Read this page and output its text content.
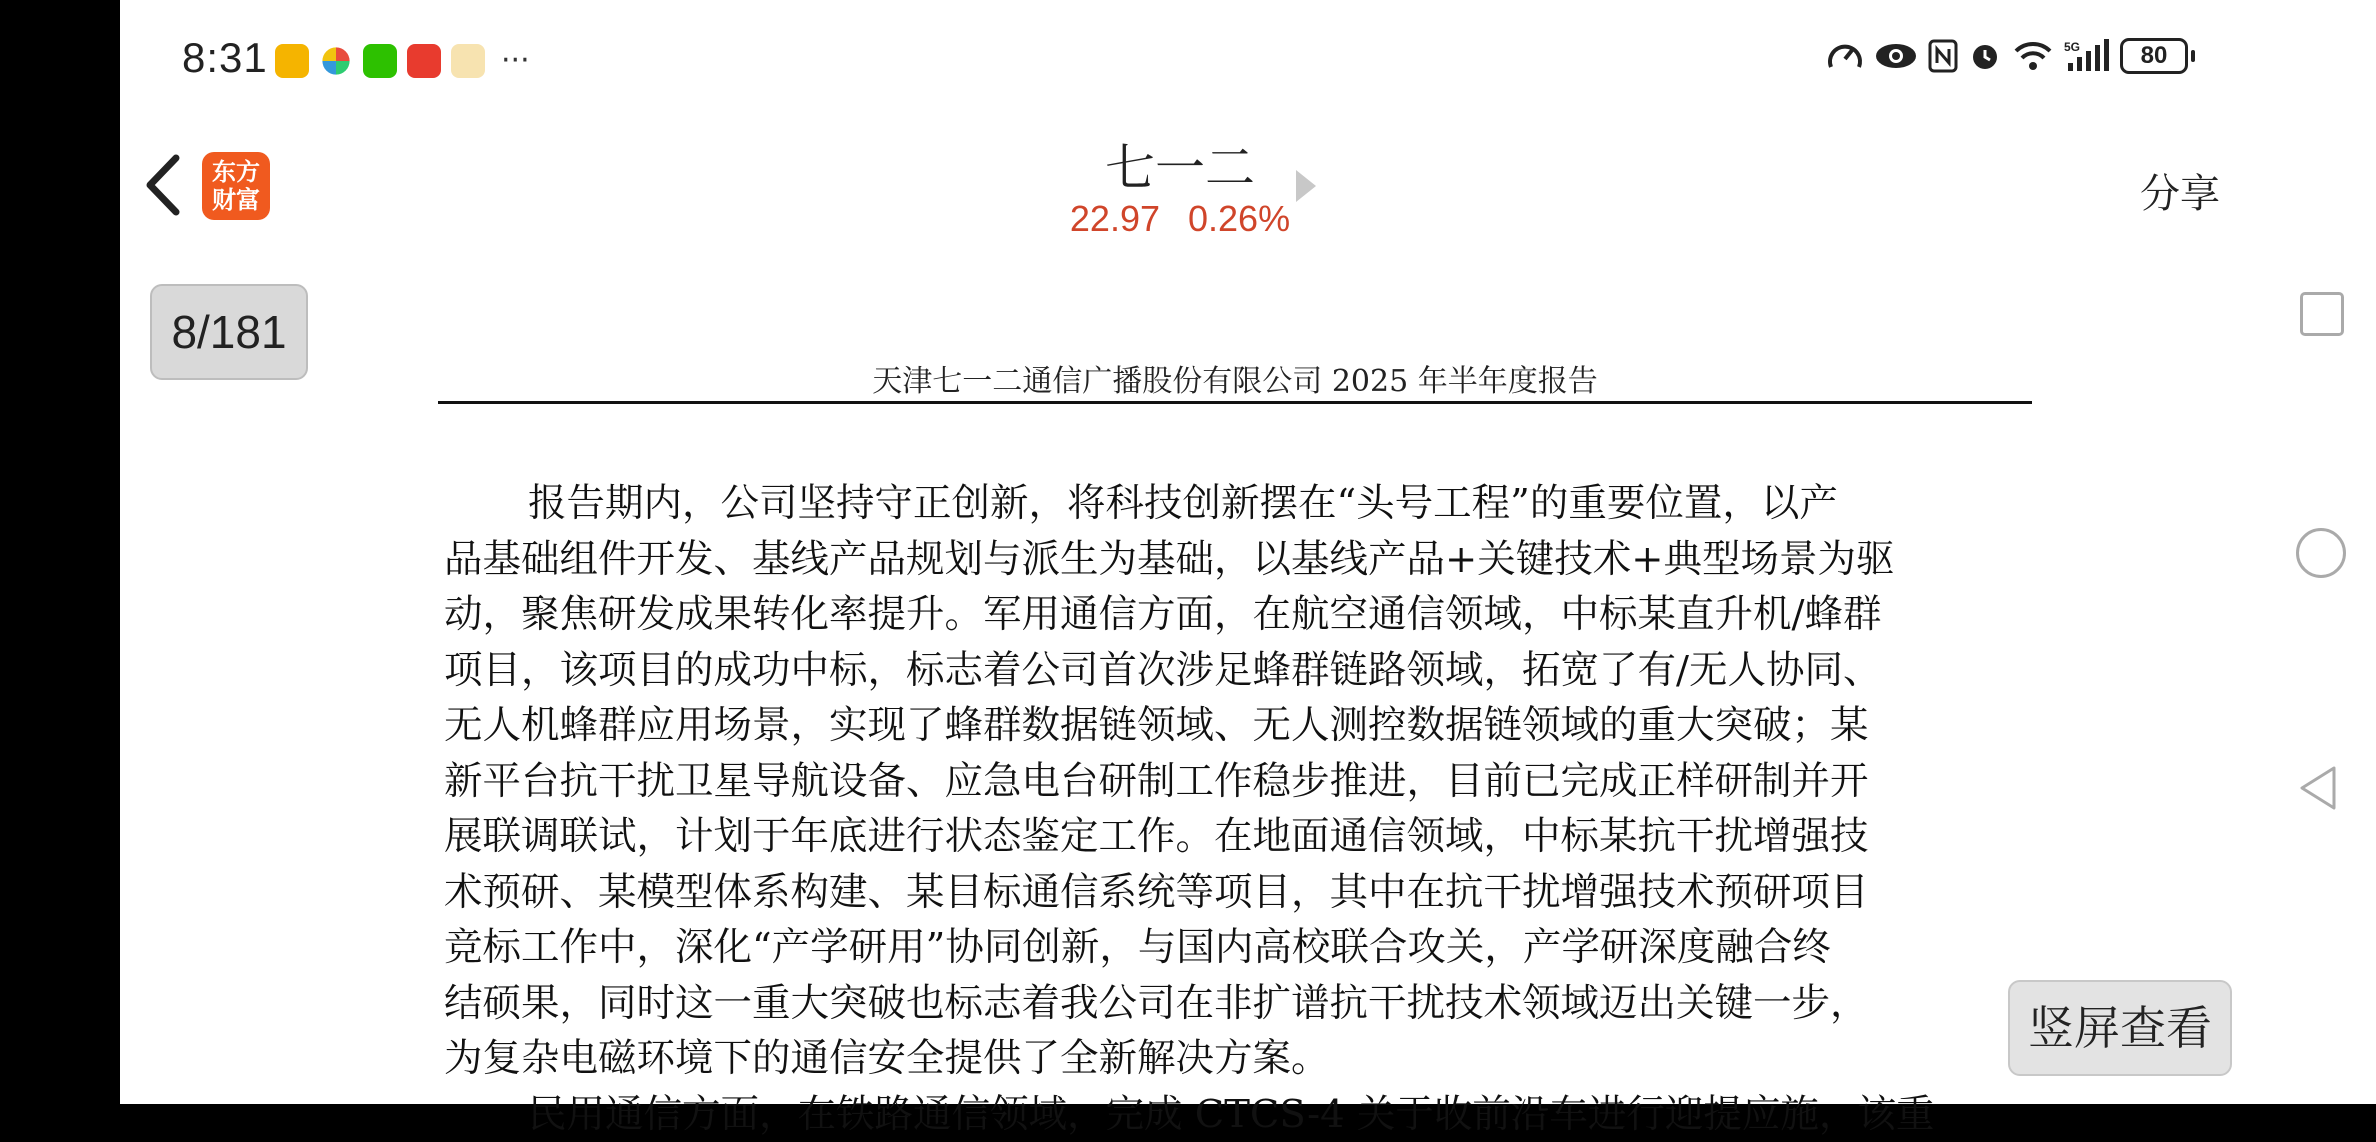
8:31	···	5G	80
东方
财富
七一二
22.97 0.26%
分享
8/181
天津七一二通信广播股份有限公司 2025 年半年度报告
报告期内，公司坚持守正创新，将科技创新摆在“头号工程”的重要位置，以产
品基础组件开发、基线产品规划与派生为基础，以基线产品+关键技术+典型场景为驱
动，聚焦研发成果转化率提升。军用通信方面，在航空通信领域，中标某直升机/蜂群
项目，该项目的成功中标，标志着公司首次涉足蜂群链路领域，拓宽了有/无人协同、
无人机蜂群应用场景，实现了蜂群数据链领域、无人测控数据链领域的重大突破；某
新平台抗干扰卫星导航设备、应急电台研制工作稳步推进，目前已完成正样研制并开
展联调联试，计划于年底进行状态鉴定工作。在地面通信领域，中标某抗干扰增强技
术预研、某模型体系构建、某目标通信系统等项目，其中在抗干扰增强技术预研项目
竞标工作中，深化“产学研用”协同创新，与国内高校联合攻关，产学研深度融合终
结硕果，同时这一重大突破也标志着我公司在非扩谱抗干扰技术领域迈出关键一步，
为复杂电磁环境下的通信安全提供了全新解决方案。
民用通信方面，在铁路通信领域，完成 CTCS-4 关于收前沿车进行迎提应施，该重
竖屏查看
